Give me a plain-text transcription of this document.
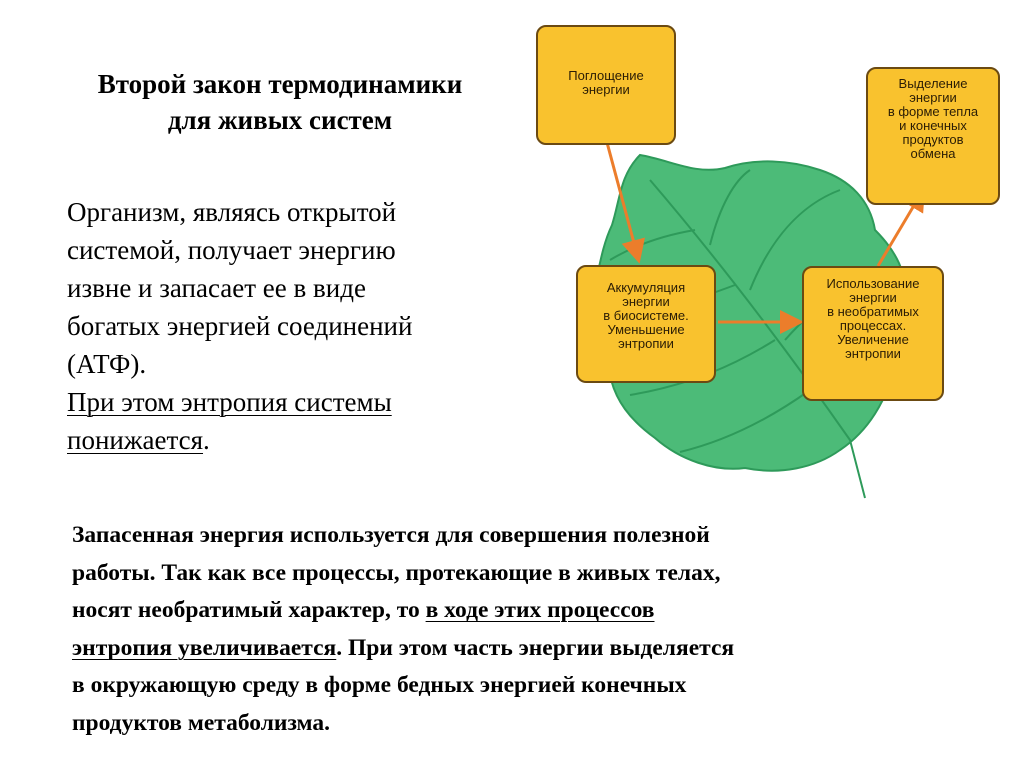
Второй закон термодинамики
для живых систем
Организм, являясь открытой
системой, получает энергию
извне и запасает ее в виде
богатых энергией соединений
(АТФ).
При этом энтропия системы
понижается.
Поглощение
энергии	Выделение
энергии
в форме тепла
и конечных
продуктов
обмена
Аккумуляция
энергии
в биосистеме.
Уменьшение
энтропии
Использование
энергии
в необратимых
процессах.
Увеличение
энтропии
Запасенная энергия используется для совершения полезной
работы. Так как все процессы, протекающие в живых телах,
носят необратимый характер, то в ходе этих процессов
энтропия увеличивается. При этом часть энергии выделяется
в окружающую среду в форме бедных энергией конечных
продуктов метаболизма.
